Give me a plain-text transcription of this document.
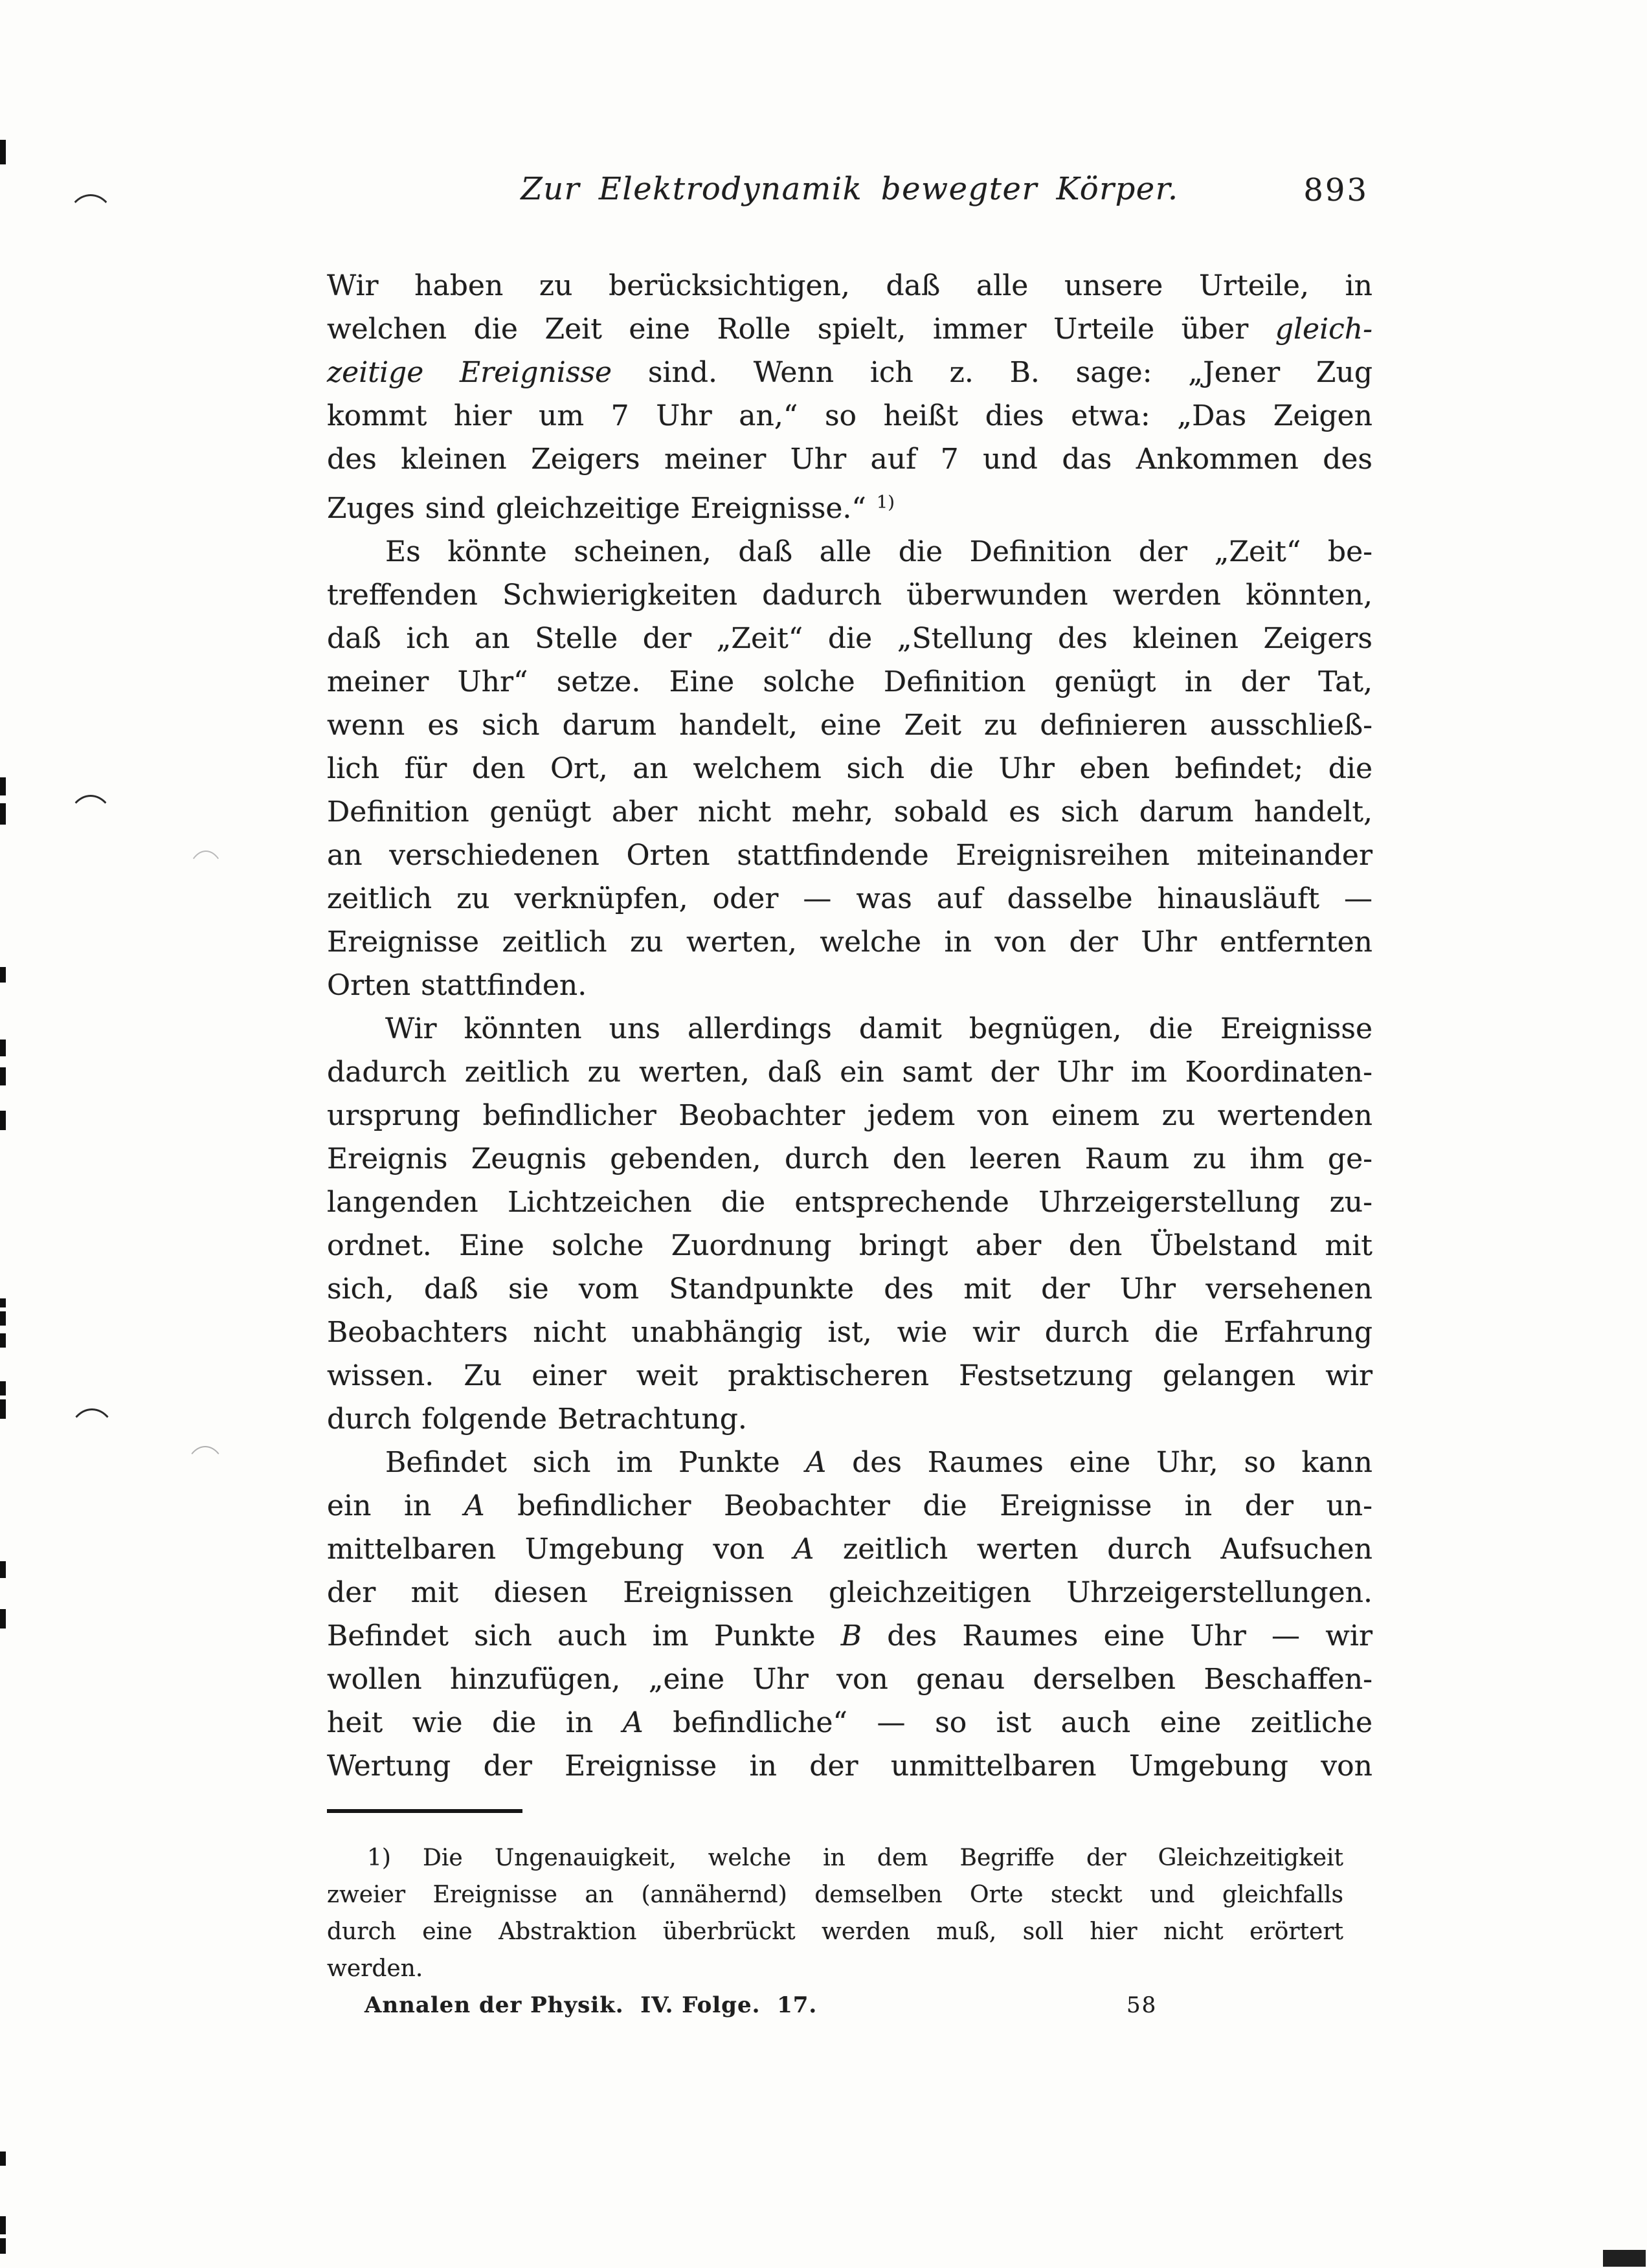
Zur Elektrodynamik bewegter Körper.	893
Wir haben zu berücksichtigen, daß alle unsere Urteile, in
welchen die Zeit eine Rolle spielt, immer Urteile über gleich-
zeitige Ereignisse sind. Wenn ich z. B. sage: „Jener Zug
kommt hier um 7 Uhr an,“ so heißt dies etwa: „Das Zeigen
des kleinen Zeigers meiner Uhr auf 7 und das Ankommen des
Zuges sind gleichzeitige Ereignisse.“ $^{1)}$
Es könnte scheinen, daß alle die Definition der „Zeit“ be-
treffenden Schwierigkeiten dadurch überwunden werden könnten,
daß ich an Stelle der „Zeit“ die „Stellung des kleinen Zeigers
meiner Uhr“ setze. Eine solche Definition genügt in der Tat,
wenn es sich darum handelt, eine Zeit zu definieren ausschließ-
lich für den Ort, an welchem sich die Uhr eben befindet; die
Definition genügt aber nicht mehr, sobald es sich darum handelt,
an verschiedenen Orten stattfindende Ereignisreihen miteinander
zeitlich zu verknüpfen, oder — was auf dasselbe hinausläuft —
Ereignisse zeitlich zu werten, welche in von der Uhr entfernten
Orten stattfinden.
Wir könnten uns allerdings damit begnügen, die Ereignisse
dadurch zeitlich zu werten, daß ein samt der Uhr im Koordinaten-
ursprung befindlicher Beobachter jedem von einem zu wertenden
Ereignis Zeugnis gebenden, durch den leeren Raum zu ihm ge-
langenden Lichtzeichen die entsprechende Uhrzeigerstellung zu-
ordnet. Eine solche Zuordnung bringt aber den Übelstand mit
sich, daß sie vom Standpunkte des mit der Uhr versehenen
Beobachters nicht unabhängig ist, wie wir durch die Erfahrung
wissen. Zu einer weit praktischeren Festsetzung gelangen wir
durch folgende Betrachtung.
Befindet sich im Punkte A des Raumes eine Uhr, so kann
ein in A befindlicher Beobachter die Ereignisse in der un-
mittelbaren Umgebung von A zeitlich werten durch Aufsuchen
der mit diesen Ereignissen gleichzeitigen Uhrzeigerstellungen.
Befindet sich auch im Punkte B des Raumes eine Uhr — wir
wollen hinzufügen, „eine Uhr von genau derselben Beschaffen-
heit wie die in A befindliche“ — so ist auch eine zeitliche
Wertung der Ereignisse in der unmittelbaren Umgebung von
1) Die Ungenauigkeit, welche in dem Begriffe der Gleichzeitigkeit
zweier Ereignisse an (annähernd) demselben Orte steckt und gleichfalls
durch eine Abstraktion überbrückt werden muß, soll hier nicht erörtert
werden.
Annalen der Physik.  IV. Folge.  17.	58
